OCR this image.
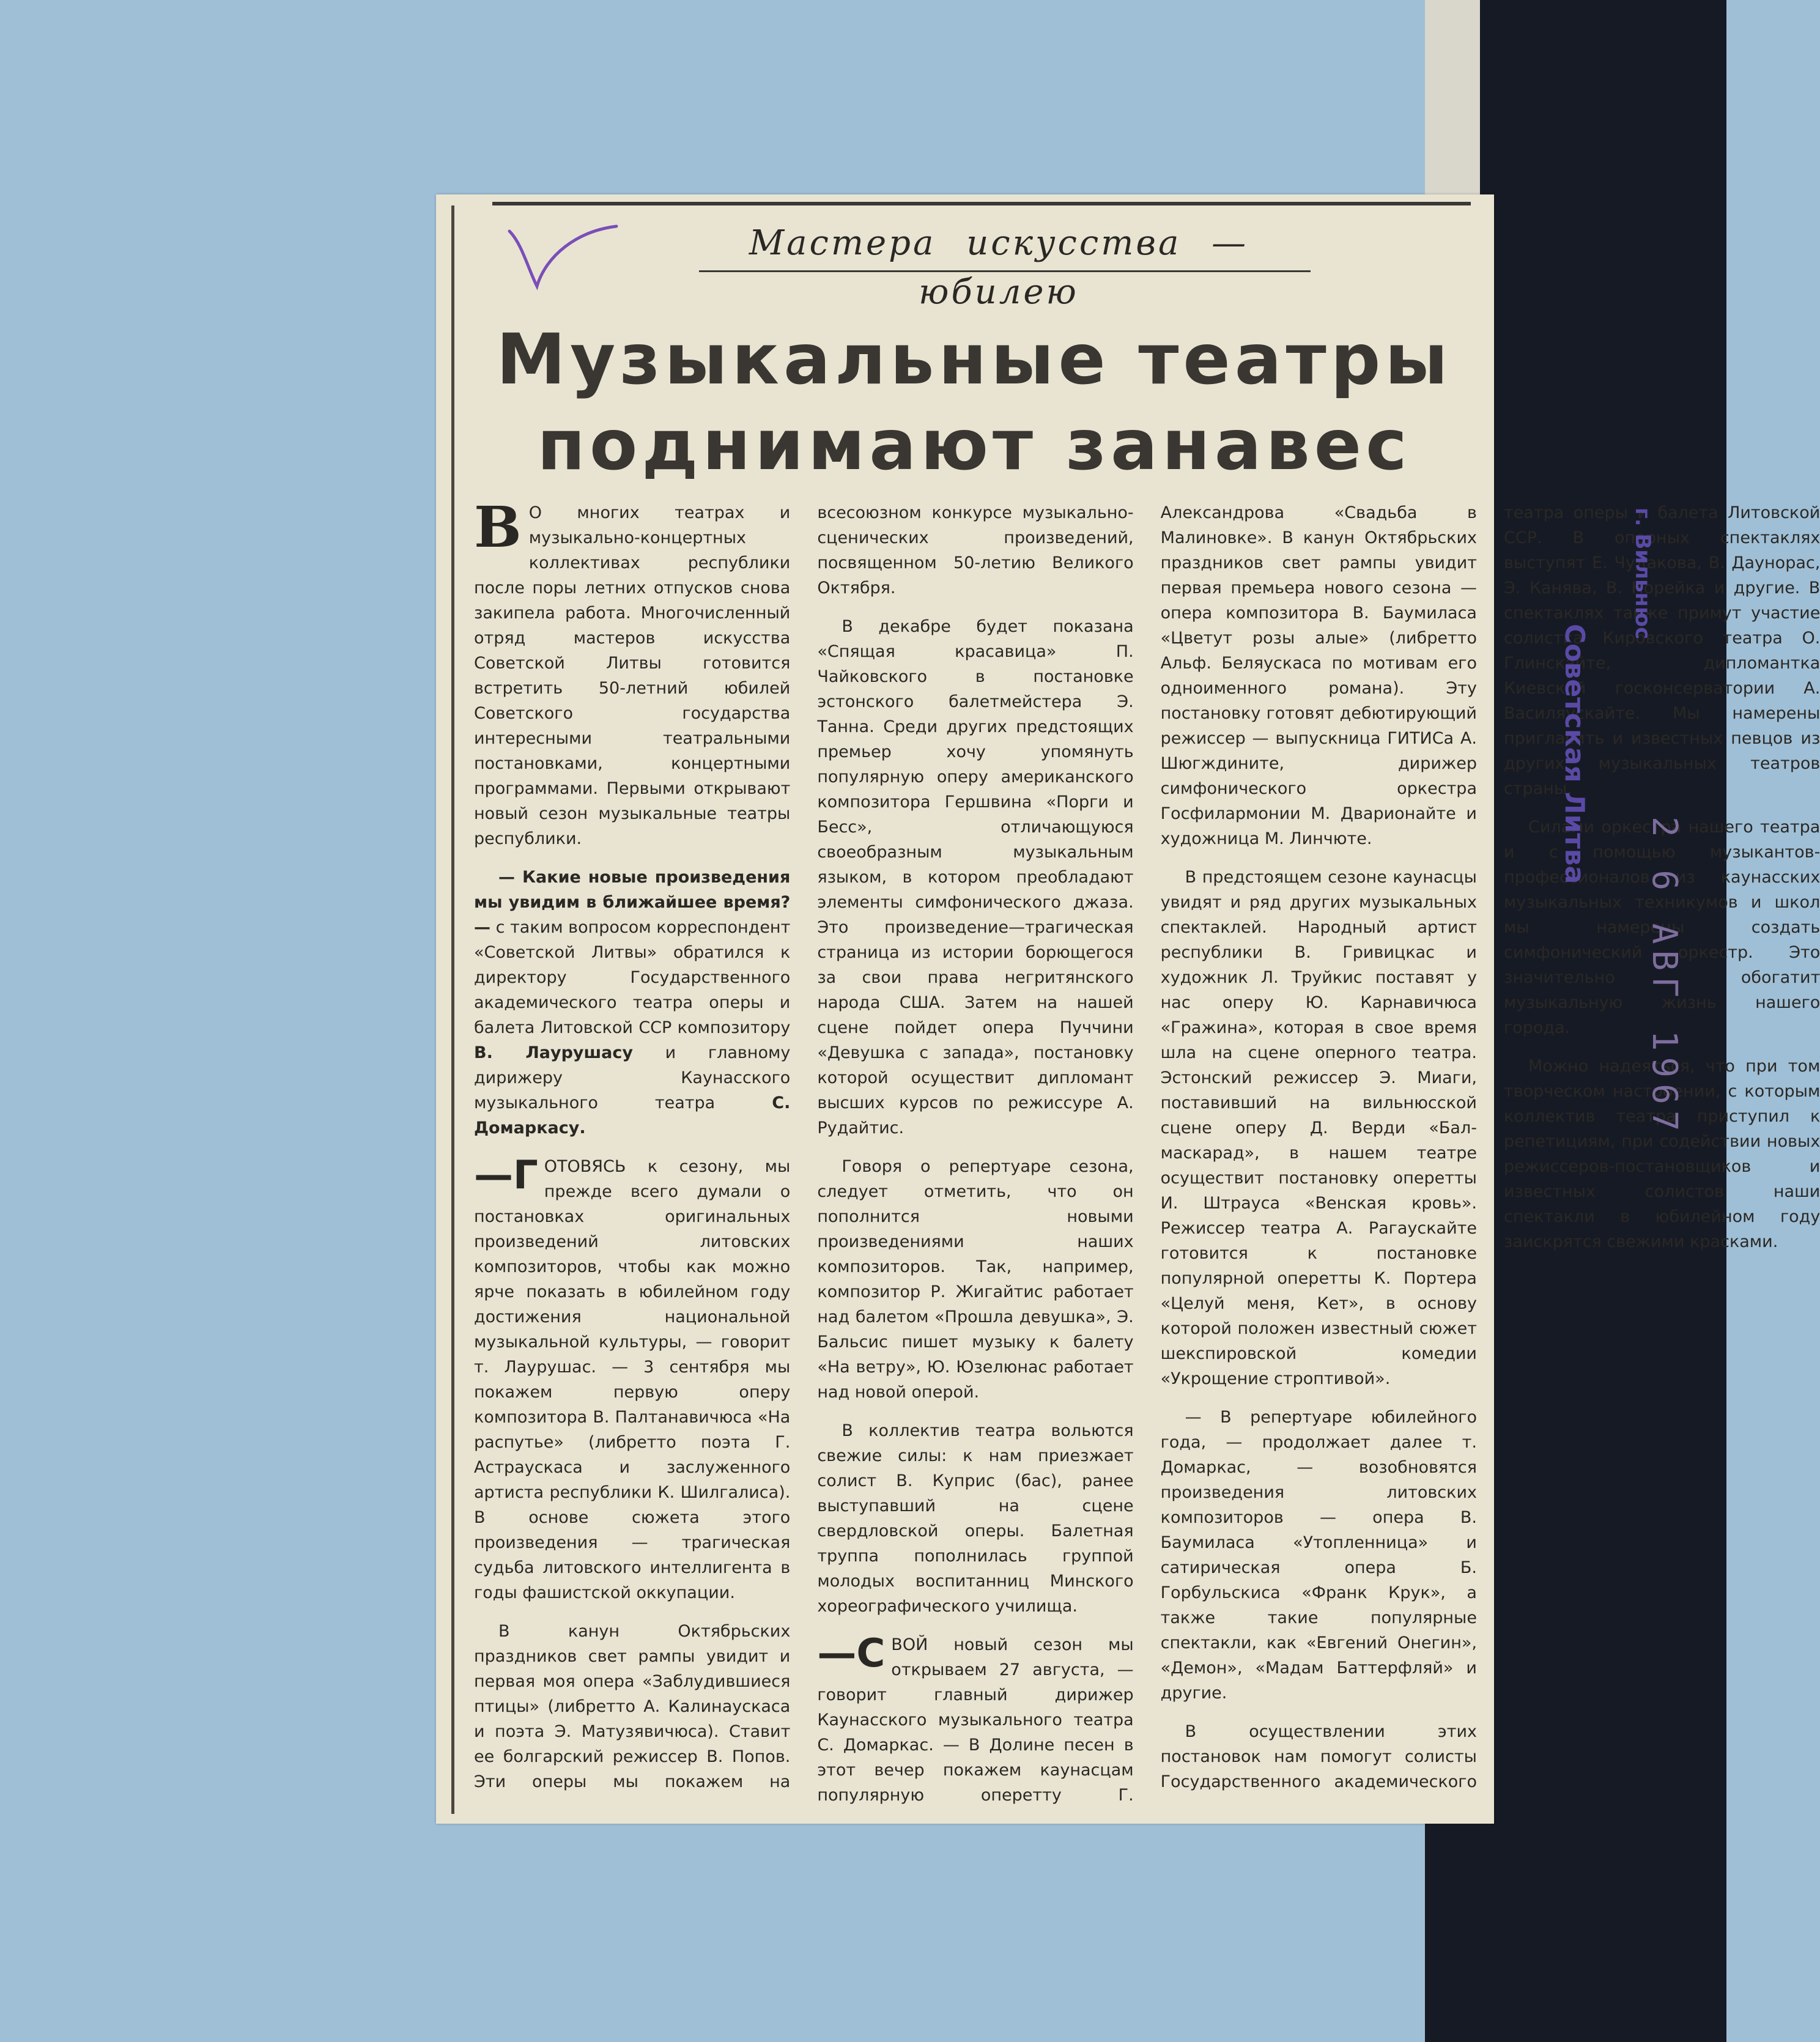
Мастера искусства — юбилею
Музыкальные театры
поднимают занавес

В О многих театрах и музыкально-концертных коллективах республики после поры летних отпусков снова закипела работа. Многочисленный отряд мастеров искусства Советской Литвы готовится встретить 50-летний юбилей Советского государства интересными театральными постановками, концертными программами. Первыми открывают новый сезон музыкальные театры республики.

— Какие новые произведения мы увидим в ближайшее время? — с таким вопросом корреспондент «Советской Литвы» обратился к директору Государственного академического театра оперы и балета Литовской ССР композитору В. Лаурушасу и главному дирижеру Каунасского музыкального театра	С. Домаркасу.

—Г ОТОВЯСЬ к сезону, мы прежде всего думали о постановках оригинальных произведений литовских композиторов, чтобы как можно ярче показать в юбилейном году достижения национальной музыкальной культуры, — говорит т. Лаурушас. — 3 сентября мы покажем первую оперу композитора В. Палтанавичюса «На распутье» (либретто поэта Г. Астраускаса и заслуженного артиста республики К. Шилгалиса). В основе сюжета этого произведения — трагическая судьба литовского интеллигента в годы фашистской оккупации.

В канун Октябрьских праздников свет рампы увидит и первая моя опера «Заблудившиеся птицы» (либретто А. Калинаускаса и поэта Э. Матузявичюса). Ставит ее болгарский режиссер В. Попов. Эти оперы мы покажем на всесоюзном конкурсе музыкально-сценических произведений, посвященном 50-летию Великого Октября.

В декабре будет показана «Спящая красавица» П. Чайковского в постановке эстонского балетмейстера Э. Танна. Среди других предстоящих премьер хочу упомянуть популярную оперу американского композитора Гершвина «Порги и Бесс», отличающуюся своеобразным музыкальным языком, в котором преобладают элементы симфонического джаза. Это произведение—трагическая страница из истории борющегося за свои права негритянского народа США. Затем на нашей сцене пойдет опера Пуччини «Девушка с запада», постановку которой осуществит дипломант высших курсов по режиссуре А. Рудайтис.

Говоря о репертуаре сезона, следует отметить, что он пополнится новыми произведениями наших композиторов. Так, например, композитор Р. Жигайтис работает над балетом «Прошла девушка», Э. Бальсис пишет музыку к балету «На ветру», Ю. Юзелюнас работает над новой оперой.

В коллектив театра вольются свежие силы: к нам приезжает солист В. Куприс (бас), ранее выступавший на сцене свердловской оперы. Балетная труппа пополнилась группой молодых воспитанниц Минского хореографического училища.

—С ВОЙ новый сезон мы открываем 27 августа, — говорит главный дирижер Каунасского музыкального театра С. Домаркас. — В Долине песен в этот вечер покажем каунасцам популярную оперетту Г. Александрова «Свадьба в Малиновке». В канун Октябрьских праздников свет рампы увидит первая премьера нового сезона — опера композитора В. Баумиласа «Цветут розы алые» (либретто Альф. Беляускаса по мотивам его одноименного романа). Эту постановку готовят дебютирующий режиссер — выпускница ГИТИСа А. Шюгждините, дирижер симфонического оркестра Госфилармонии М. Дварионайте и художница М. Линчюте.

В предстоящем сезоне каунасцы увидят и ряд других музыкальных спектаклей. Народный артист республики В. Гривицкас и художник Л. Труйкис поставят у нас оперу Ю. Карнавичюса «Гражина», которая в свое время шла на сцене оперного театра. Эстонский режиссер Э. Миаги, поставивший на вильнюсской сцене оперу Д. Верди «Бал-маскарад», в нашем театре осуществит постановку оперетты И. Штрауса «Венская кровь». Режиссер театра А. Рагаускайте готовится к постановке популярной оперетты К. Портера «Целуй меня, Кет», в основу которой положен известный сюжет шекспировской комедии «Укрощение строптивой».

— В репертуаре юбилейного года, — продолжает далее т. Домаркас, — возобновятся произведения литовских композиторов — опера В. Баумиласа «Утопленница» и сатирическая опера Б. Горбульскиса «Франк Крук», а также такие популярные спектакли, как «Евгений Онегин», «Демон», «Мадам Баттерфляй» и другие.

В осуществлении этих постановок нам помогут солисты Государственного академического театра оперы и балета Литовской ССР. В оперных спектаклях выступят Е. Чудакова, В. Даунорас, Э. Канява, В. Норейка и другие. В спектаклях также примут участие солистка Кировского театра О. Глинскайте, дипломантка Киевской госконсерватории А. Василяускайте. Мы намерены пригласить и известных певцов из других музыкальных театров страны.

Силами оркестра нашего театра и с помощью музыкантов-профессионалов из каунасских музыкальных техникумов и школ мы намерены создать симфонический оркестр. Это значительно обогатит музыкальную жизнь нашего города.

Можно надеяться, что при том творческом настроении, с которым коллектив театра приступил к репетициям, при содействии новых режиссеров-постановщиков и известных солистов наши спектакли в юбилейном году заискрятся свежими красками.

Советская Литва
г. Вильнюс
2 6 АВГ 1967
